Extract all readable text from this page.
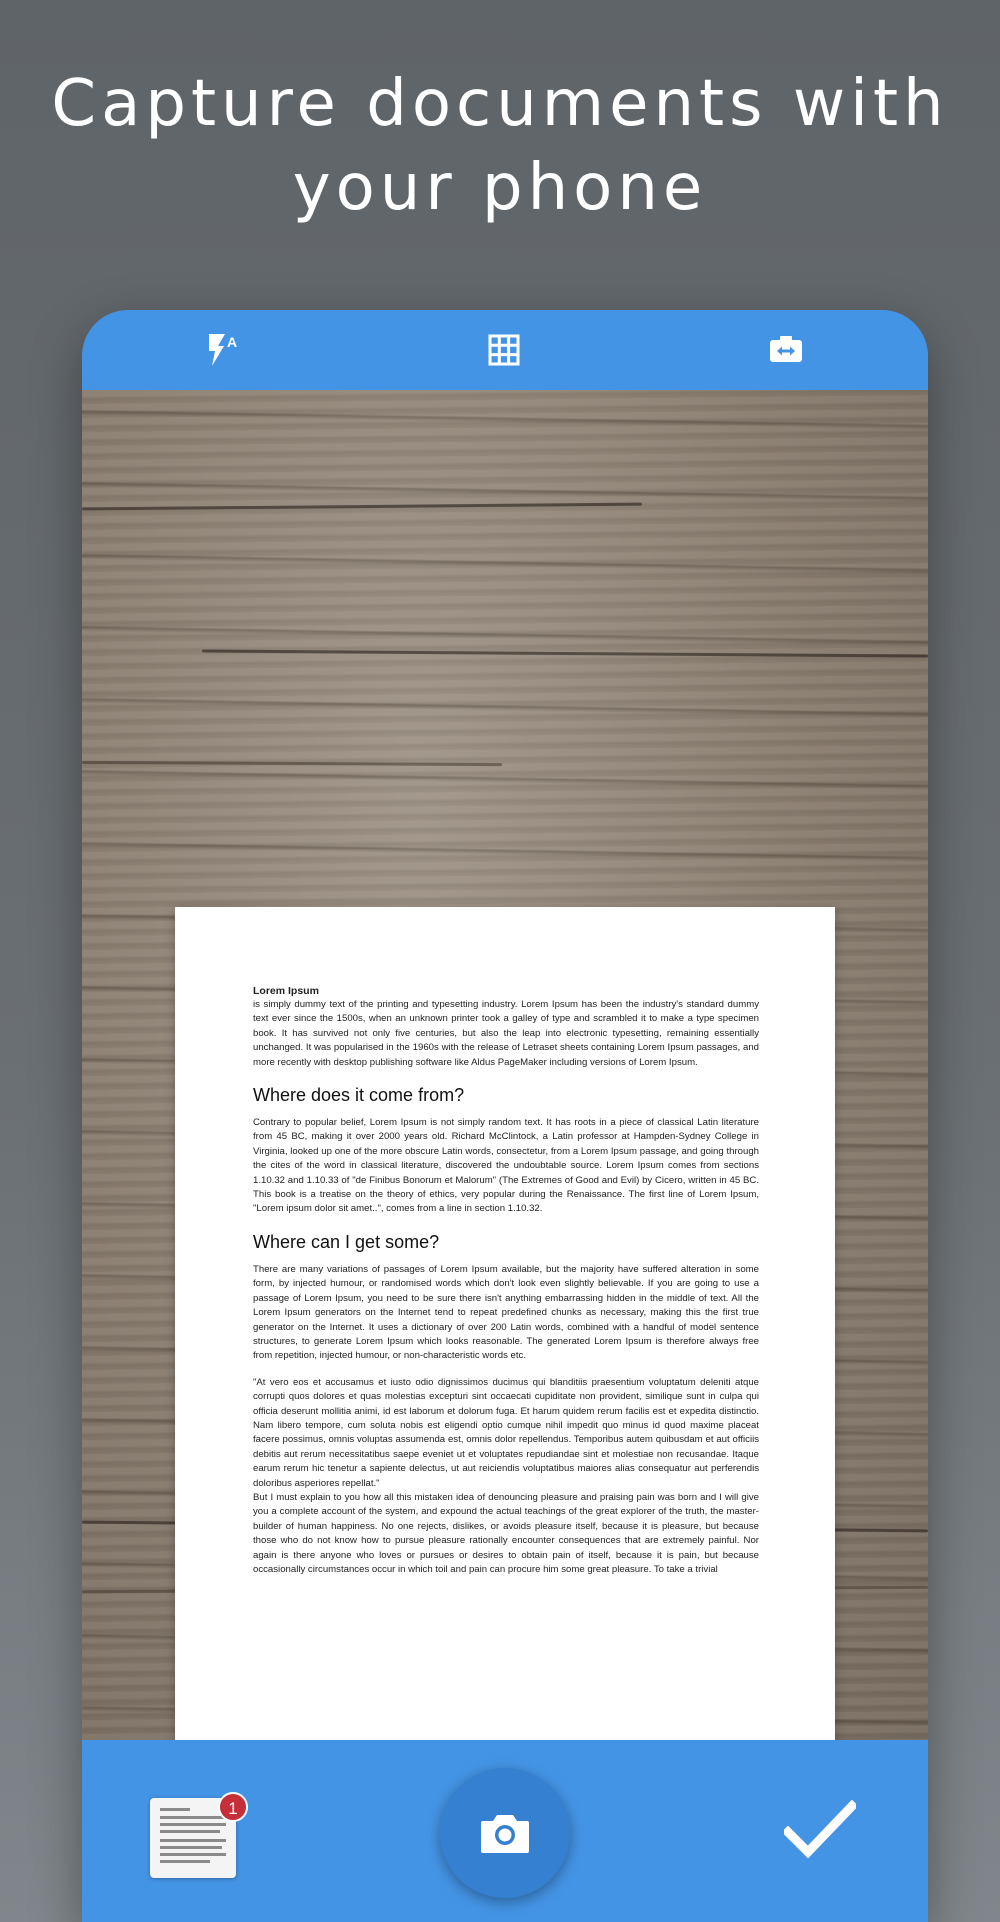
Capture documents with
your phone
A
Lorem Ipsum

is simply dummy text of the printing and typesetting industry. Lorem Ipsum has been the industry's standard dummy text ever since the 1500s, when an unknown printer took a galley of type and scrambled it to make a type specimen book. It has survived not only five centuries, but also the leap into electronic typesetting, remaining essentially unchanged. It was popularised in the 1960s with the release of Letraset sheets containing Lorem Ipsum passages, and more recently with desktop publishing software like Aldus PageMaker including versions of Lorem Ipsum.

Where does it come from?

Contrary to popular belief, Lorem Ipsum is not simply random text. It has roots in a piece of classical Latin literature from 45 BC, making it over 2000 years old. Richard McClintock, a Latin professor at Hampden-Sydney College in Virginia, looked up one of the more obscure Latin words, consectetur, from a Lorem Ipsum passage, and going through the cites of the word in classical literature, discovered the undoubtable source. Lorem Ipsum comes from sections 1.10.32 and 1.10.33 of "de Finibus Bonorum et Malorum" (The Extremes of Good and Evil) by Cicero, written in 45 BC. This book is a treatise on the theory of ethics, very popular during the Renaissance. The first line of Lorem Ipsum, "Lorem ipsum dolor sit amet..", comes from a line in section 1.10.32.

Where can I get some?

There are many variations of passages of Lorem Ipsum available, but the majority have suffered alteration in some form, by injected humour, or randomised words which don't look even slightly believable. If you are going to use a passage of Lorem Ipsum, you need to be sure there isn't anything embarrassing hidden in the middle of text. All the Lorem Ipsum generators on the Internet tend to repeat predefined chunks as necessary, making this the first true generator on the Internet. It uses a dictionary of over 200 Latin words, combined with a handful of model sentence structures, to generate Lorem Ipsum which looks reasonable. The generated Lorem Ipsum is therefore always free from repetition, injected humour, or non-characteristic words etc.

"At vero eos et accusamus et iusto odio dignissimos ducimus qui blanditiis praesentium voluptatum deleniti atque corrupti quos dolores et quas molestias excepturi sint occaecati cupiditate non provident, similique sunt in culpa qui officia deserunt mollitia animi, id est laborum et dolorum fuga. Et harum quidem rerum facilis est et expedita distinctio. Nam libero tempore, cum soluta nobis est eligendi optio cumque nihil impedit quo minus id quod maxime placeat facere possimus, omnis voluptas assumenda est, omnis dolor repellendus. Temporibus autem quibusdam et aut officiis debitis aut rerum necessitatibus saepe eveniet ut et voluptates repudiandae sint et molestiae non recusandae. Itaque earum rerum hic tenetur a sapiente delectus, ut aut reiciendis voluptatibus maiores alias consequatur aut perferendis doloribus asperiores repellat."

But I must explain to you how all this mistaken idea of denouncing pleasure and praising pain was born and I will give you a complete account of the system, and expound the actual teachings of the great explorer of the truth, the master-builder of human happiness. No one rejects, dislikes, or avoids pleasure itself, because it is pleasure, but because those who do not know how to pursue pleasure rationally encounter consequences that are extremely painful. Nor again is there anyone who loves or pursues or desires to obtain pain of itself, because it is pain, but because occasionally circumstances occur in which toil and pain can procure him some great pleasure. To take a trivial

1
